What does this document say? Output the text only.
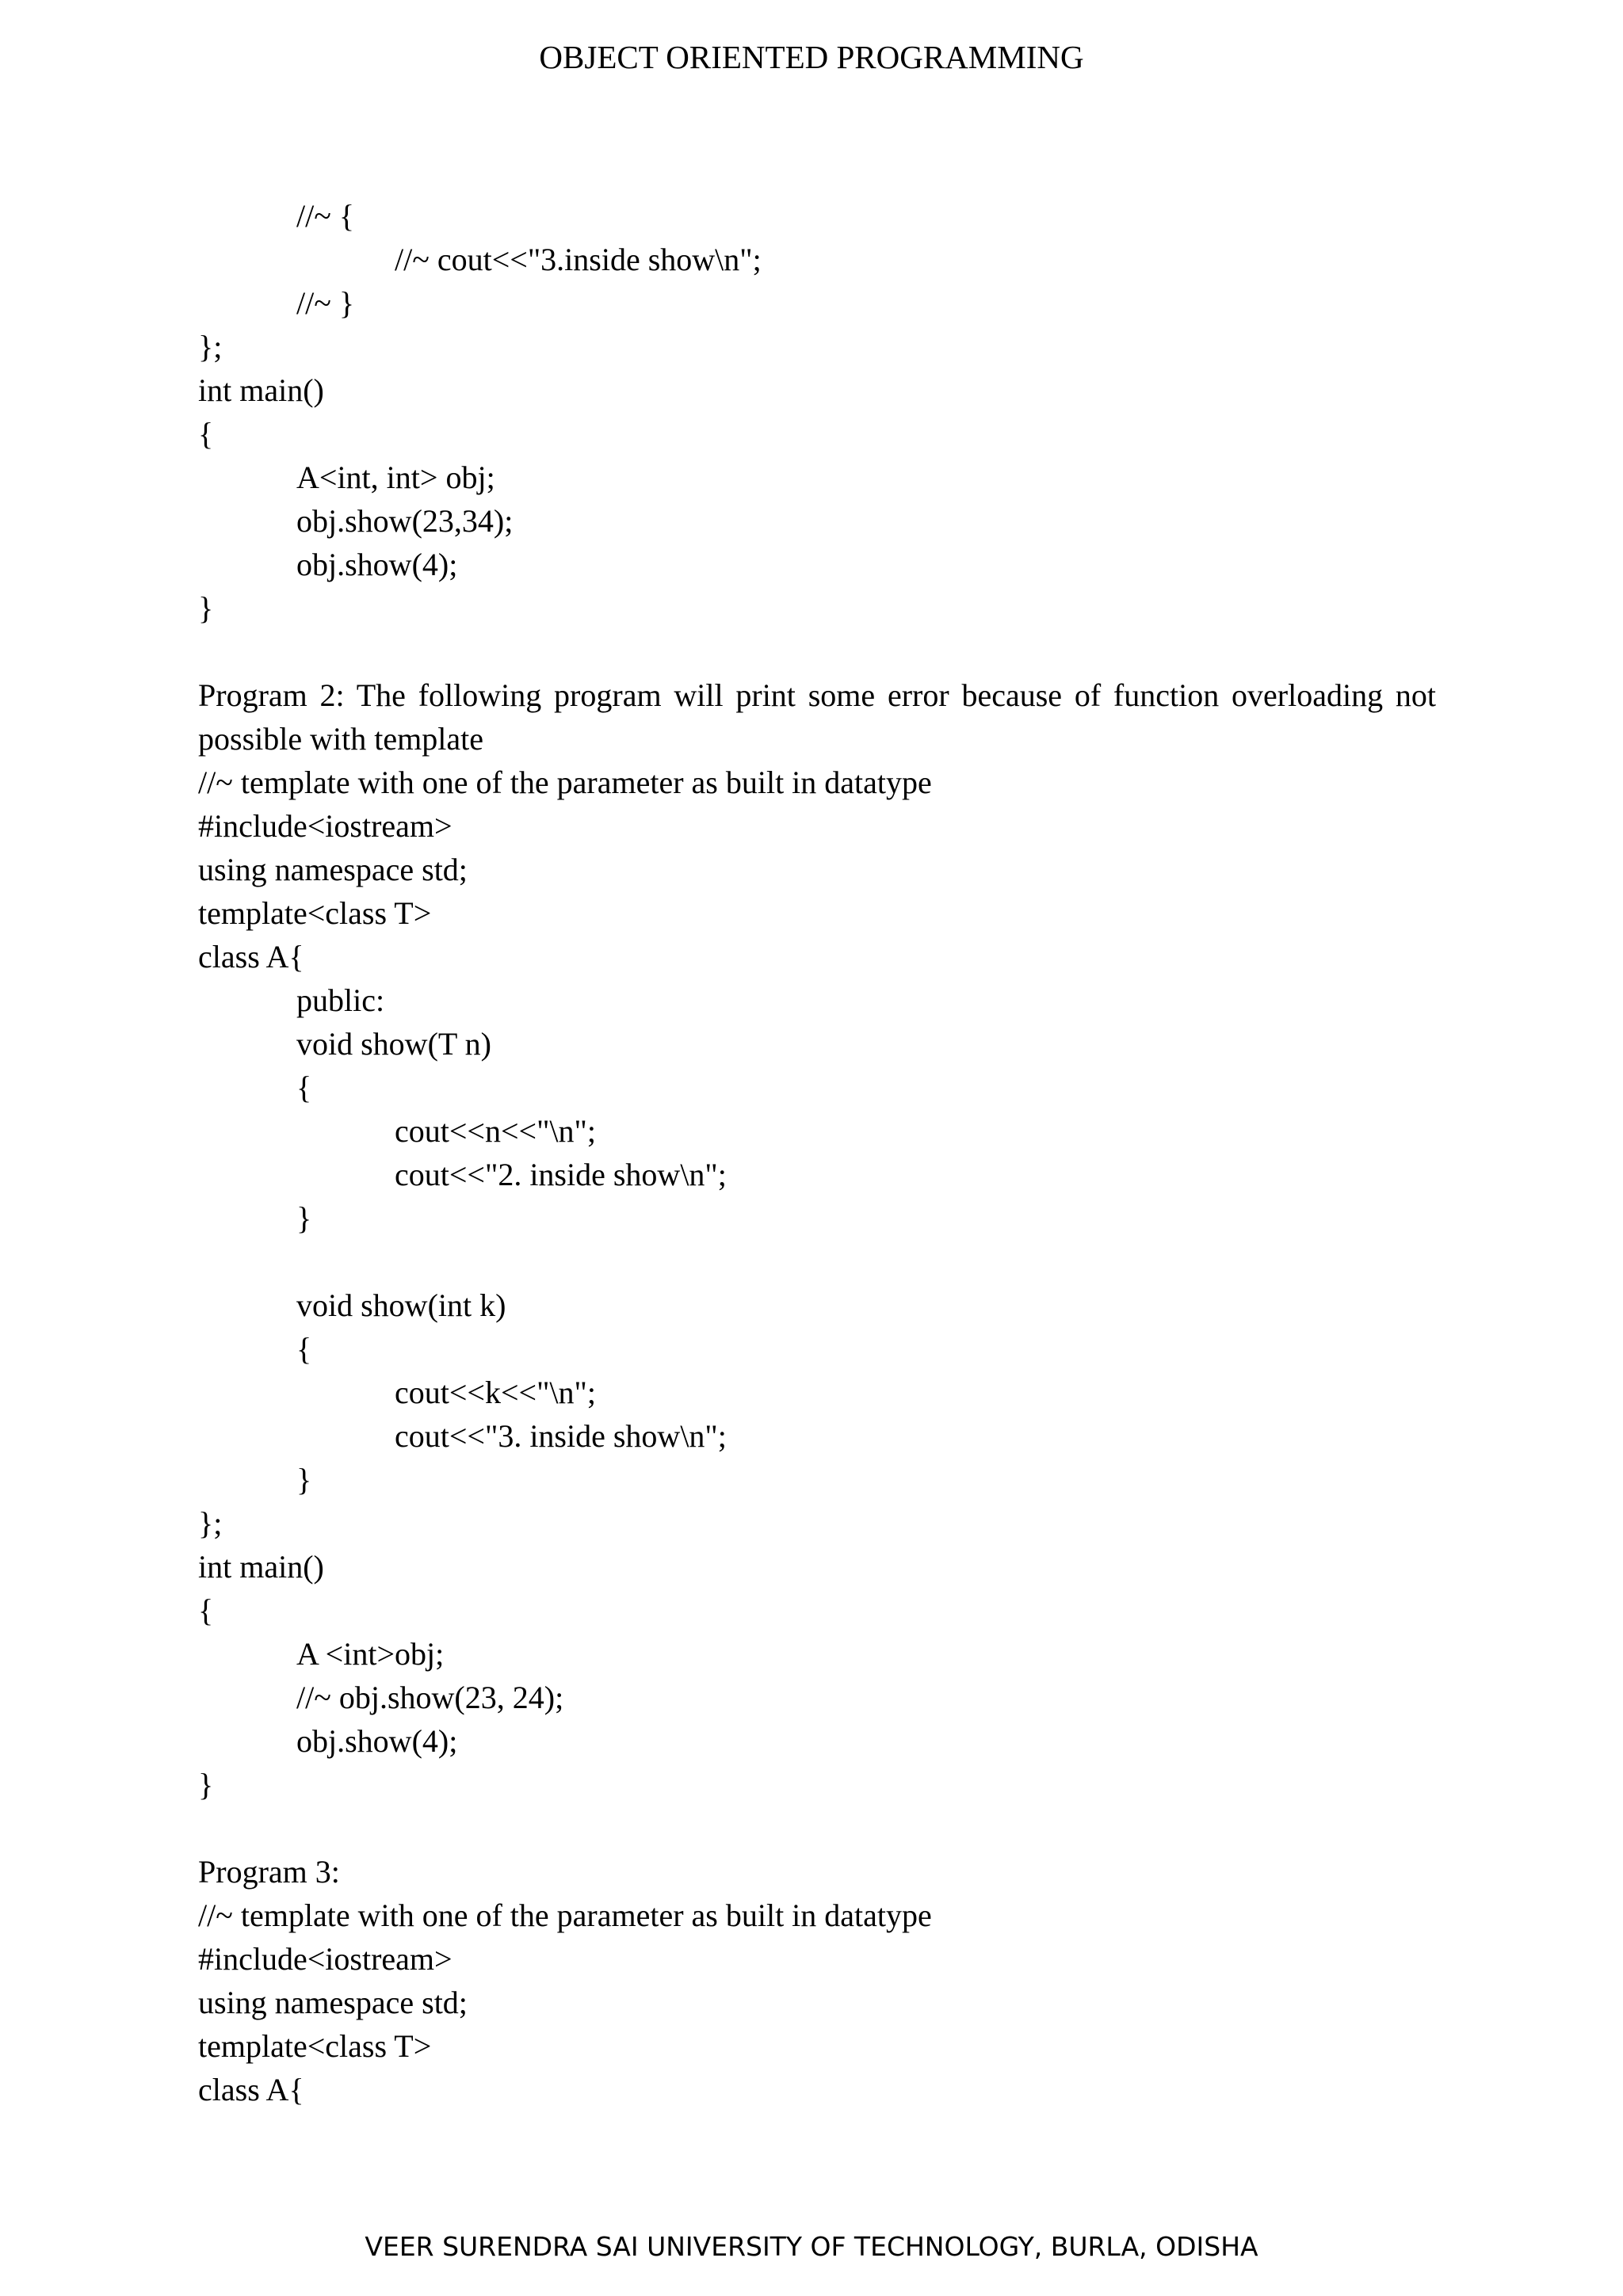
OBJECT ORIENTED PROGRAMMING
//~ {
//~ cout<<"3.inside show\n";
//~ }
};
int main()
{
A<int, int> obj;
obj.show(23,34);
obj.show(4);
}

Program 2: The following program will print some error because of function overloading not possible with template

//~ template with one of the parameter as built in datatype
#include<iostream>
using namespace std;
template<class T>
class A{
public:
void show(T n)
{
cout<<n<<"\n";
cout<<"2. inside show\n";
}
void show(int k)
{
cout<<k<<"\n";
cout<<"3. inside show\n";
}
};
int main()
{
A <int>obj;
//~ obj.show(23, 24);
obj.show(4);
}
Program 3:
//~ template with one of the parameter as built in datatype
#include<iostream>
using namespace std;
template<class T>
class A{
VEER SURENDRA SAI UNIVERSITY OF TECHNOLOGY, BURLA, ODISHA
